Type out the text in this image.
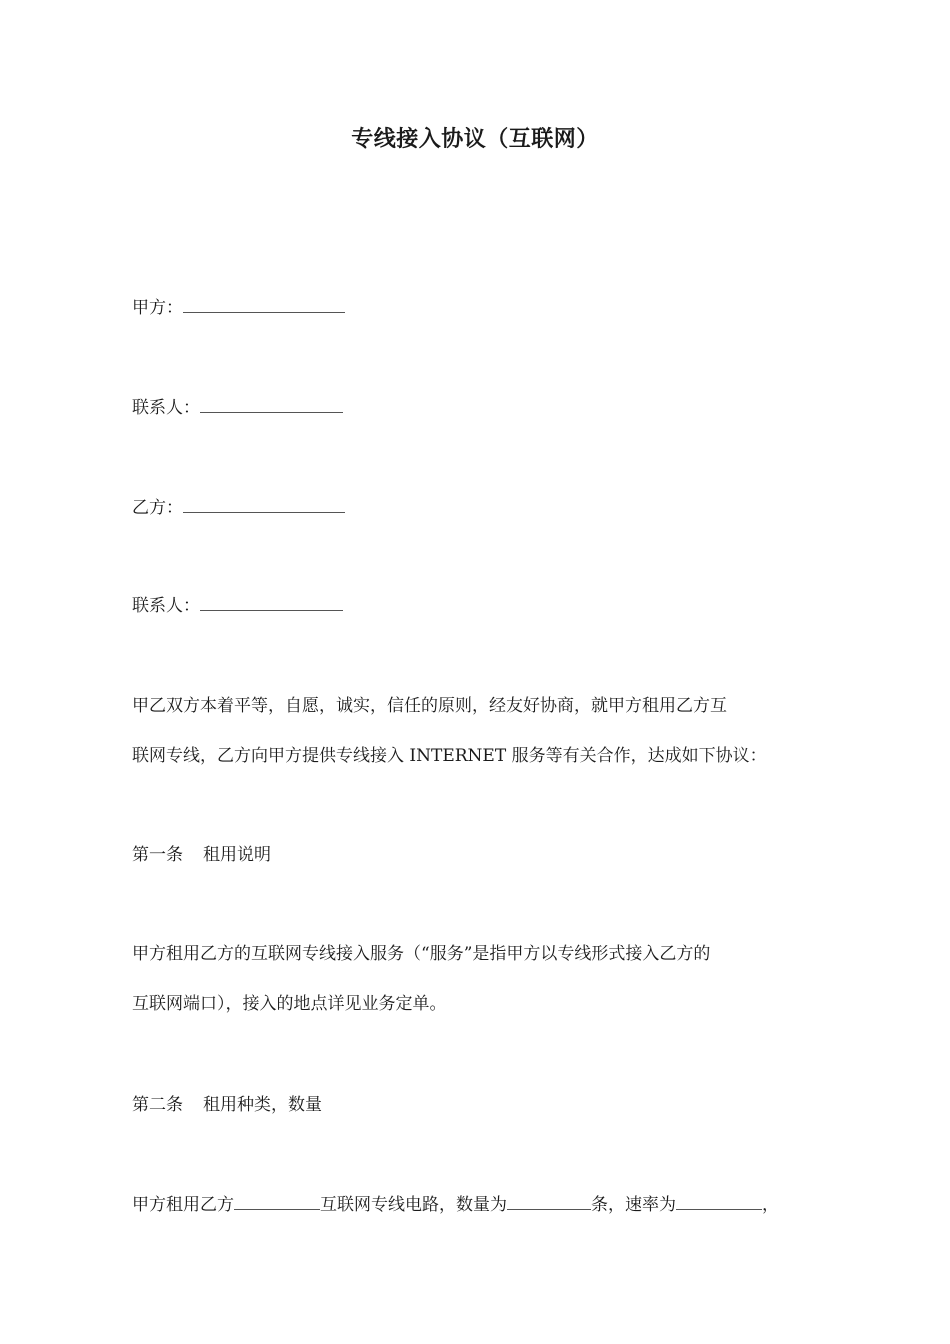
专线接入协议（互联网）
甲方：
联系人：
乙方：
联系人：
甲乙双方本着平等，自愿，诚实，信任的原则，经友好协商，就甲方租用乙方互
联网专线，乙方向甲方提供专线接入 INTERNET 服务等有关合作，达成如下协议：
第一条 租用说明
甲方租用乙方的互联网专线接入服务（“服务”是指甲方以专线形式接入乙方的
互联网端口），接入的地点详见业务定单。
第二条 租用种类，数量
甲方租用乙方	互联网专线电路，数量为	条，速率为	，
